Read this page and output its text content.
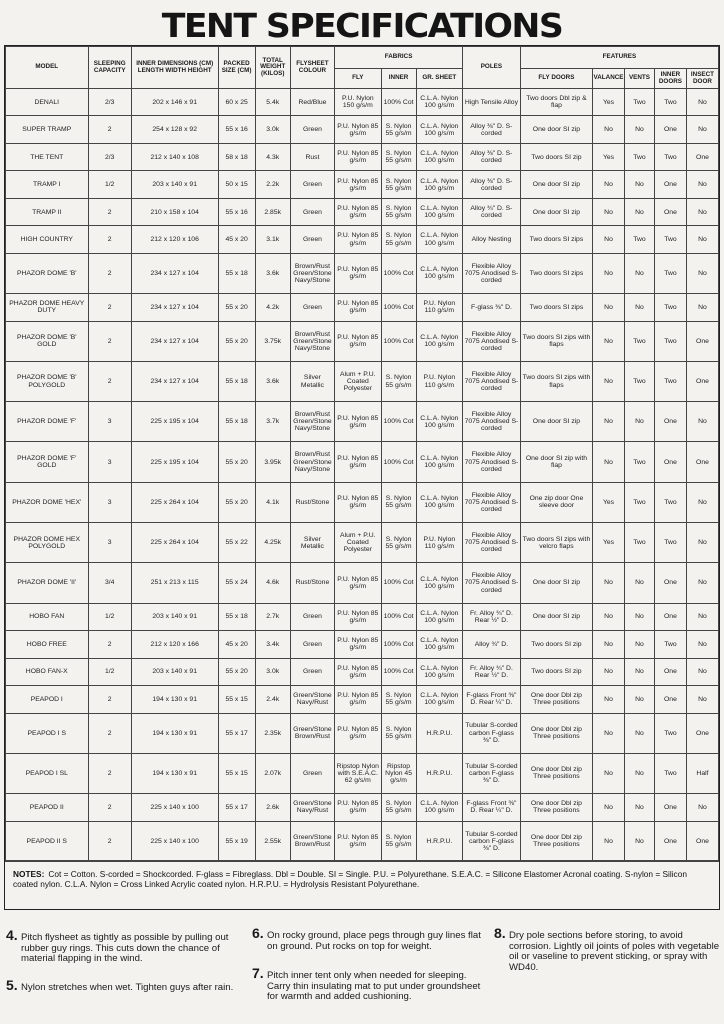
TENT SPECIFICATIONS
MODEL	SLEEPING CAPACITY	INNER DIMENSIONS (CM) LENGTH WIDTH HEIGHT	PACKED SIZE (CM)	TOTAL WEIGHT (KILOS)	FLYSHEET COLOUR	FABRICS			POLES	FEATURES				
						FLY	INNER	GR. SHEET		FLY DOORS	VALANCE	VENTS	INNER DOORS	INSECT DOOR
DENALI	2/3	202 x 146 x 91	60 x 25	5.4k	Red/Blue	P.U. Nylon 150 g/s/m	100% Cot	C.L.A. Nylon 100 g/s/m	High Tensile Alloy	Two doors Dbl zip & flap	Yes	Two	Two	No
SUPER TRAMP	2	254 x 128 x 92	55 x 16	3.0k	Green	P.U. Nylon 85 g/s/m	S. Nylon 55 g/s/m	C.L.A. Nylon 100 g/s/m	Alloy ⅜" D. S-corded	One door SI zip	No	No	One	No
THE TENT	2/3	212 x 140 x 108	58 x 18	4.3k	Rust	P.U. Nylon 85 g/s/m	S. Nylon 55 g/s/m	C.L.A. Nylon 100 g/s/m	Alloy ⅜" D. S-corded	Two doors SI zip	Yes	Two	Two	One
TRAMP I	1/2	203 x 140 x 91	50 x 15	2.2k	Green	P.U. Nylon 85 g/s/m	S. Nylon 55 g/s/m	C.L.A. Nylon 100 g/s/m	Alloy ⅜" D. S-corded	One door SI zip	No	No	One	No
TRAMP II	2	210 x 158 x 104	55 x 16	2.85k	Green	P.U. Nylon 85 g/s/m	S. Nylon 55 g/s/m	C.L.A. Nylon 100 g/s/m	Alloy ¾" D. S-corded	One door SI zip	No	No	One	No
HIGH COUNTRY	2	212 x 120 x 106	45 x 20	3.1k	Green	P.U. Nylon 85 g/s/m	S. Nylon 55 g/s/m	C.L.A. Nylon 100 g/s/m	Alloy Nesting	Two doors SI zips	No	Two	Two	No
PHAZOR DOME 'B'	2	234 x 127 x 104	55 x 18	3.6k	Brown/Rust Green/Stone Navy/Stone	P.U. Nylon 85 g/s/m	100% Cot	C.L.A. Nylon 100 g/s/m	Flexible Alloy 7075 Anodised S-corded	Two doors SI zips	No	No	Two	No
PHAZOR DOME HEAVY DUTY	2	234 x 127 x 104	55 x 20	4.2k	Green	P.U. Nylon 85 g/s/m	100% Cot	P.U. Nylon 110 g/s/m	F-glass ⅜" D.	Two doors SI zips	No	No	Two	No
PHAZOR DOME 'B' GOLD	2	234 x 127 x 104	55 x 20	3.75k	Brown/Rust Green/Stone Navy/Stone	P.U. Nylon 85 g/s/m	100% Cot	C.L.A. Nylon 100 g/s/m	Flexible Alloy 7075 Anodised S-corded	Two doors SI zips with flaps	No	Two	Two	One
PHAZOR DOME 'B' POLYGOLD	2	234 x 127 x 104	55 x 18	3.6k	Silver Metallic	Alum + P.U. Coated Polyester	S. Nylon 55 g/s/m	P.U. Nylon 110 g/s/m	Flexible Alloy 7075 Anodised S-corded	Two doors SI zips with flaps	No	Two	Two	One
PHAZOR DOME 'F'	3	225 x 195 x 104	55 x 18	3.7k	Brown/Rust Green/Stone Navy/Stone	P.U. Nylon 85 g/s/m	100% Cot	C.L.A. Nylon 100 g/s/m	Flexible Alloy 7075 Anodised S-corded	One door SI zip	No	No	One	No
PHAZOR DOME 'F' GOLD	3	225 x 195 x 104	55 x 20	3.95k	Brown/Rust Green/Stone Navy/Stone	P.U. Nylon 85 g/s/m	100% Cot	C.L.A. Nylon 100 g/s/m	Flexible Alloy 7075 Anodised S-corded	One door SI zip with flap	No	Two	One	One
PHAZOR DOME 'HEX'	3	225 x 264 x 104	55 x 20	4.1k	Rust/Stone	P.U. Nylon 85 g/s/m	S. Nylon 55 g/s/m	C.L.A. Nylon 100 g/s/m	Flexible Alloy 7075 Anodised S-corded	One zip door One sleeve door	Yes	Two	Two	No
PHAZOR DOME HEX POLYGOLD	3	225 x 264 x 104	55 x 22	4.25k	Silver Metallic	Alum + P.U. Coated Polyester	S. Nylon 55 g/s/m	P.U. Nylon 110 g/s/m	Flexible Alloy 7075 Anodised S-corded	Two doors SI zips with velcro flaps	Yes	Two	Two	No
PHAZOR DOME 'II'	3/4	251 x 213 x 115	55 x 24	4.6k	Rust/Stone	P.U. Nylon 85 g/s/m	100% Cot	C.L.A. Nylon 100 g/s/m	Flexible Alloy 7075 Anodised S-corded	One door SI zip	No	No	One	No
HOBO FAN	1/2	203 x 140 x 91	55 x 18	2.7k	Green	P.U. Nylon 85 g/s/m	100% Cot	C.L.A. Nylon 100 g/s/m	Fr. Alloy ¾" D. Rear ½" D.	One door SI zip	No	No	One	No
HOBO FREE	2	212 x 120 x 166	45 x 20	3.4k	Green	P.U. Nylon 85 g/s/m	100% Cot	C.L.A. Nylon 100 g/s/m	Alloy ¾" D.	Two doors SI zip	No	No	Two	No
HOBO FAN-X	1/2	203 x 140 x 91	55 x 20	3.0k	Green	P.U. Nylon 85 g/s/m	100% Cot	C.L.A. Nylon 100 g/s/m	Fr. Alloy ¾" D. Rear ½" D.	Two doors SI zip	No	No	One	No
PEAPOD I	2	194 x 130 x 91	55 x 15	2.4k	Green/Stone Navy/Rust	P.U. Nylon 85 g/s/m	S. Nylon 55 g/s/m	C.L.A. Nylon 100 g/s/m	F-glass Front ⅜" D. Rear ¼" D.	One door Dbl zip Three positions	No	No	One	No
PEAPOD I S	2	194 x 130 x 91	55 x 17	2.35k	Green/Stone Brown/Rust	P.U. Nylon 85 g/s/m	S. Nylon 55 g/s/m	H.R.P.U.	Tubular S-corded carbon F-glass ⅜" D.	One door Dbl zip Three positions	No	No	Two	One
PEAPOD I SL	2	194 x 130 x 91	55 x 15	2.07k	Green	Ripstop Nylon with S.E.A.C. 62 g/s/m	Ripstop Nylon 45 g/s/m	H.R.P.U.	Tubular S-corded carbon F-glass ⅜" D.	One door Dbl zip Three positions	No	No	Two	Half
PEAPOD II	2	225 x 140 x 100	55 x 17	2.6k	Green/Stone Navy/Rust	P.U. Nylon 85 g/s/m	S. Nylon 55 g/s/m	C.L.A. Nylon 100 g/s/m	F-glass Front ⅜" D. Rear ¼" D.	One door Dbl zip Three positions	No	No	One	No
PEAPOD II S	2	225 x 140 x 100	55 x 19	2.55k	Green/Stone Brown/Rust	P.U. Nylon 85 g/s/m	S. Nylon 55 g/s/m	H.R.P.U.	Tubular S-corded carbon F-glass ⅜" D.	One door Dbl zip Three positions	No	No	One	One
NOTES: Cot = Cotton. S-corded = Shockcorded. F-glass = Fibreglass. Dbl = Double. SI = Single. P.U. = Polyurethane. S.E.A.C. = Silicone Elastomer Acronal coating. S-nylon = Silicon coated nylon. C.L.A. Nylon = Cross Linked Acrylic coated nylon. H.R.P.U. = Hydrolysis Resistant Polyurethane.
4. Pitch flysheet as tightly as possible by pulling out rubber guy rings. This cuts down the chance of material flapping in the wind.
5. Nylon stretches when wet. Tighten guys after rain.
6. On rocky ground, place pegs through guy lines flat on ground. Put rocks on top for weight.
7. Pitch inner tent only when needed for sleeping. Carry thin insulating mat to put under groundsheet for warmth and added cushioning.
8. Dry pole sections before storing, to avoid corrosion. Lightly oil joints of poles with vegetable oil or vaseline to prevent sticking, or spray with WD40.
